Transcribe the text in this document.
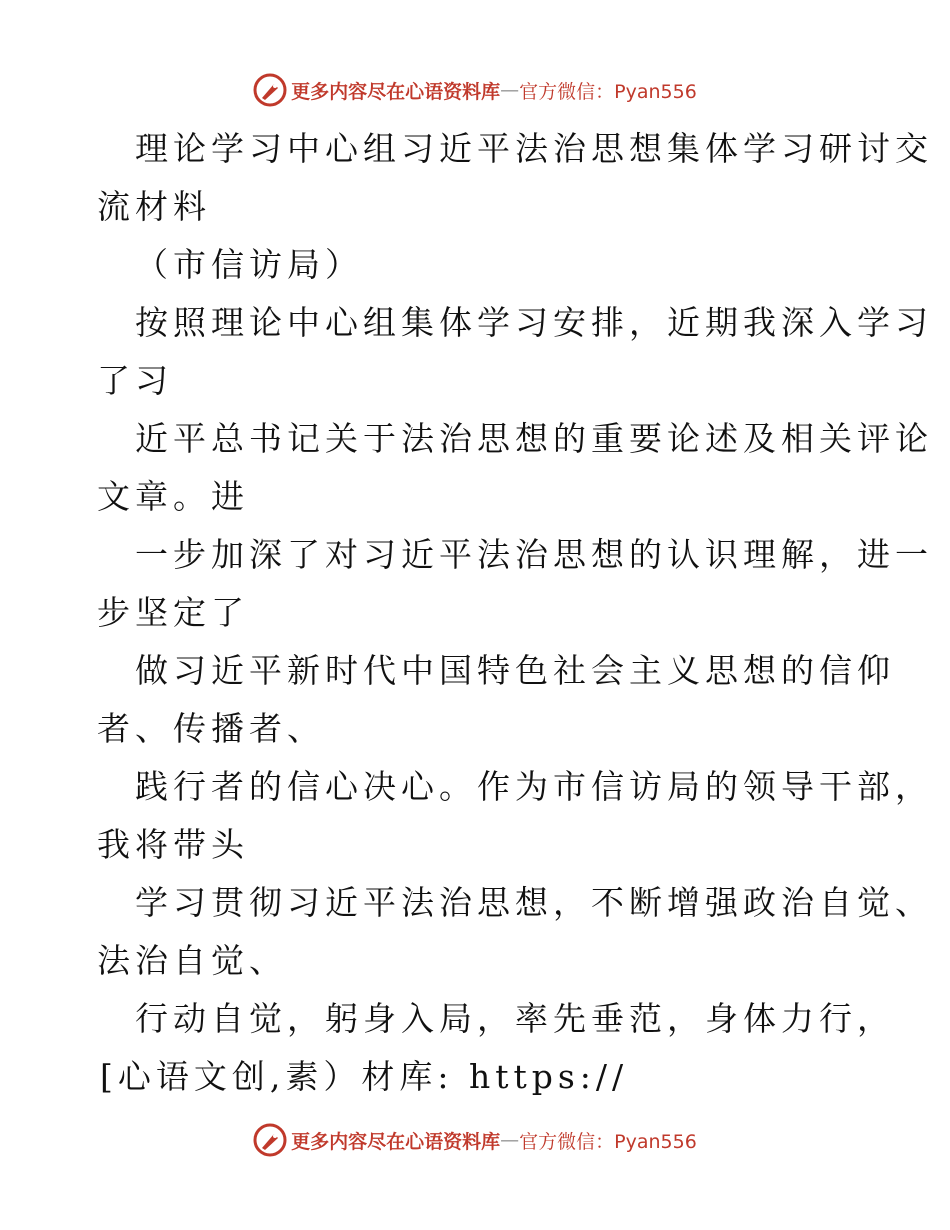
更多内容尽在心语资料库 — 官方微信：Pyan556
理论学习中心组习近平法治思想集体学习研讨交
流材料
（市信访局）
按照理论中心组集体学习安排，近期我深入学习
了习
近平总书记关于法治思想的重要论述及相关评论
文章。进
一步加深了对习近平法治思想的认识理解，进一
步坚定了
做习近平新时代中国特色社会主义思想的信仰
者、传播者、
践行者的信心决心。作为市信访局的领导干部，
我将带头
学习贯彻习近平法治思想，不断增强政治自觉、
法治自觉、
行动自觉，躬身入局，率先垂范，身体力行，
[心语文创,素）材库: https://
更多内容尽在心语资料库 — 官方微信：Pyan556
